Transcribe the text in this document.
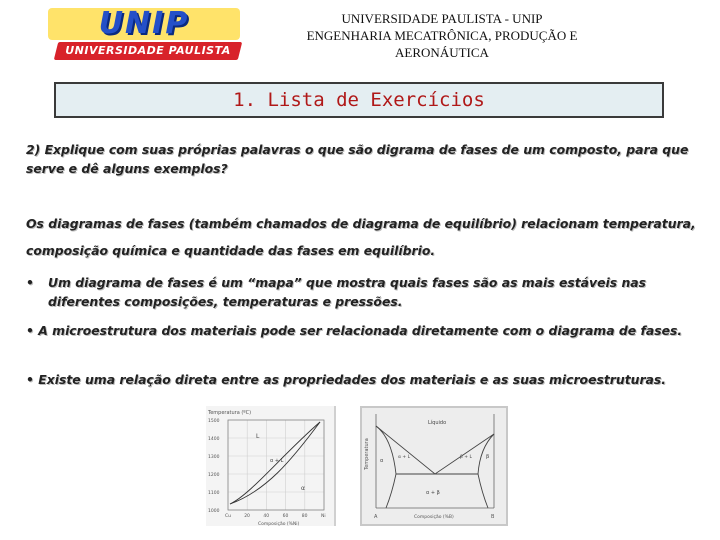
UNIP
UNIVERSIDADE PAULISTA
UNIVERSIDADE PAULISTA - UNIP
ENGENHARIA MECATRÔNICA, PRODUÇÃO E
AERONÁUTICA
1. Lista de Exercícios
2) Explique com suas próprias palavras o que são digrama de fases de um composto, para que serve e dê alguns exemplos?
Os diagramas de fases (também chamados de diagrama de equilíbrio) relacionam temperatura, composição química e quantidade das fases em equilíbrio.
•	Um diagrama de fases é um “mapa” que mostra quais fases são as mais estáveis nas diferentes composições, temperaturas e pressões.
• A microestrutura dos materiais pode ser relacionada diretamente com o diagrama de fases.
• Existe uma relação direta entre as propriedades dos materiais e as suas microestruturas.
Temperatura (ºC)
L
α
α + L
1500
1400
1300
1200
1100
1000
Cu	20	40	60	80	Ni
Composição (%Ni)
Temperatura
Líquido
α
β
α + L	β + L
α + β
A	B
Composição (%B)
